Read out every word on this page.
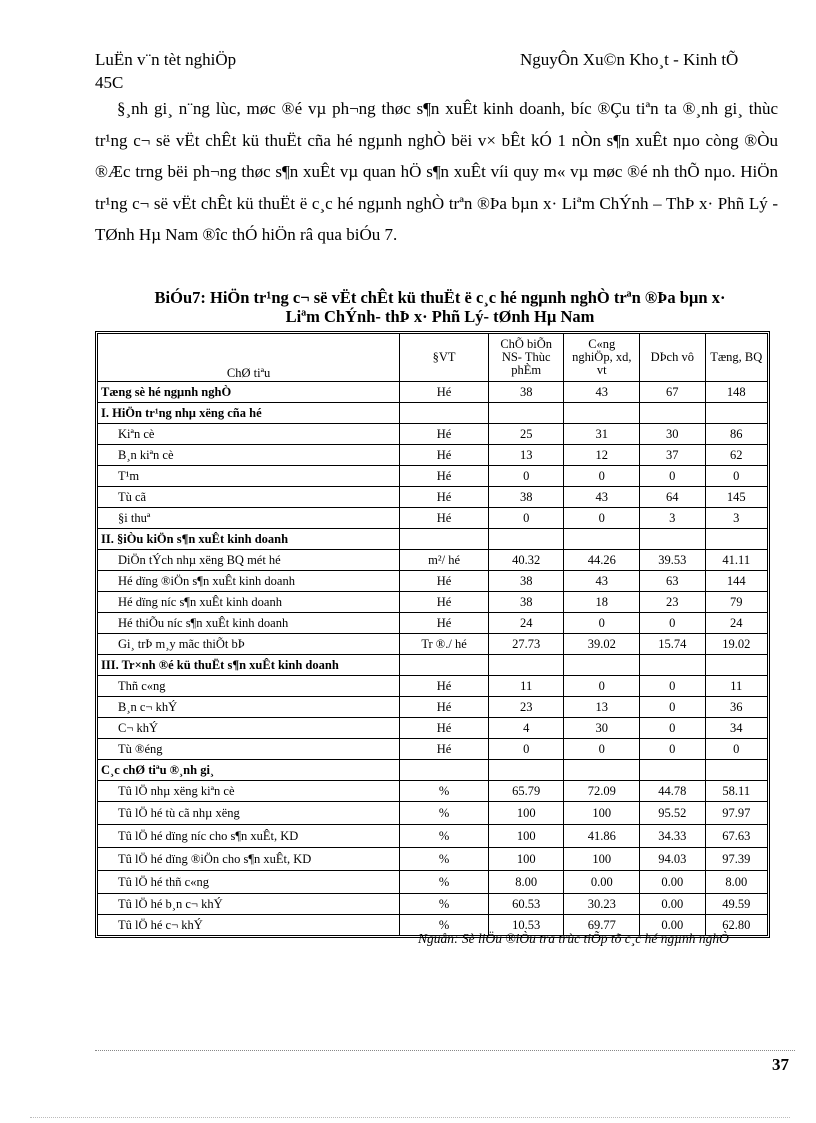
LuËn v¨n tèt nghiÖp
45C
NguyÔn Xu©n Kho¸t - Kinh tÕ
§¸nh gi¸ n¨ng lùc, møc ®é vµ ph¬ng thøc s¶n xuÊt kinh doanh, bíc ®Çu tiªn ta ®¸nh gi¸ thùc tr¹ng c¬ së vËt chÊt kü thuËt cña hé ngµnh nghÒ bëi v× bÊt kÓ 1 nÒn s¶n xuÊt nµo còng ®Òu ®Æc trng bëi ph¬ng thøc s¶n xuÊt vµ quan hÖ s¶n xuÊt víi quy m« vµ møc ®é nh thÕ nµo. HiÖn tr¹ng c¬ së vËt chÊt kü thuËt ë c¸c hé ngµnh nghÒ trªn ®Þa bµn x· Liªm ChÝnh – ThÞ x· Phñ Lý - TØnh Hµ Nam ®îc thÓ hiÖn râ qua biÓu 7.
BiÓu7: HiÖn tr¹ng c¬ së vËt chÊt kü thuËt ë c¸c hé ngµnh nghÒ trªn ®Þa bµn x·
Liªm ChÝnh- thÞ x· Phñ Lý- tØnh Hµ Nam
ChØ tiªu	§VT	ChÕ biÕn NS- Thùc phÈm	C«ng nghiÖp, xd, vt	DÞch vô	Tæng, BQ
Tæng sè hé ngµnh nghÒ	Hé	38	43	67	148
I. HiÖn tr¹ng nhµ xëng cña hé					
Kiªn cè	Hé	25	31	30	86
B¸n kiªn cè	Hé	13	12	37	62
T¹m	Hé	0	0	0	0
Tù cã	Hé	38	43	64	145
§i thuª	Hé	0	0	3	3
II. §iÒu kiÖn s¶n xuÊt kinh doanh					
DiÖn tÝch nhµ xëng BQ mét hé	m²/ hé	40.32	44.26	39.53	41.11
Hé dïng ®iÖn s¶n xuÊt kinh doanh	Hé	38	43	63	144
Hé dïng níc s¶n xuÊt kinh doanh	Hé	38	18	23	79
Hé thiÕu níc s¶n xuÊt kinh doanh	Hé	24	0	0	24
Gi¸ trÞ m¸y mãc thiÕt bÞ	Tr ®./ hé	27.73	39.02	15.74	19.02
III. Tr×nh ®é kü thuËt s¶n xuÊt kinh doanh					
Thñ c«ng	Hé	11	0	0	11
B¸n c¬ khÝ	Hé	23	13	0	36
C¬ khÝ	Hé	4	30	0	34
Tù ®éng	Hé	0	0	0	0
C¸c chØ tiªu ®¸nh gi¸					
Tû lÖ nhµ xëng kiªn cè	%	65.79	72.09	44.78	58.11
Tû lÖ hé tù cã nhµ xëng	%	100	100	95.52	97.97
Tû lÖ hé dïng níc cho s¶n xuÊt, KD	%	100	41.86	34.33	67.63
Tû lÖ hé dïng ®iÖn cho s¶n xuÊt, KD	%	100	100	94.03	97.39
Tû lÖ hé thñ c«ng	%	8.00	0.00	0.00	8.00
Tû lÖ hé b¸n c¬ khÝ	%	60.53	30.23	0.00	49.59
Tû lÖ hé c¬ khÝ	%	10.53	69.77	0.00	62.80
Nguån: Sè liÖu ®iÒu tra trùc tiÕp tõ c¸c hé ngµnh nghÒ
37
